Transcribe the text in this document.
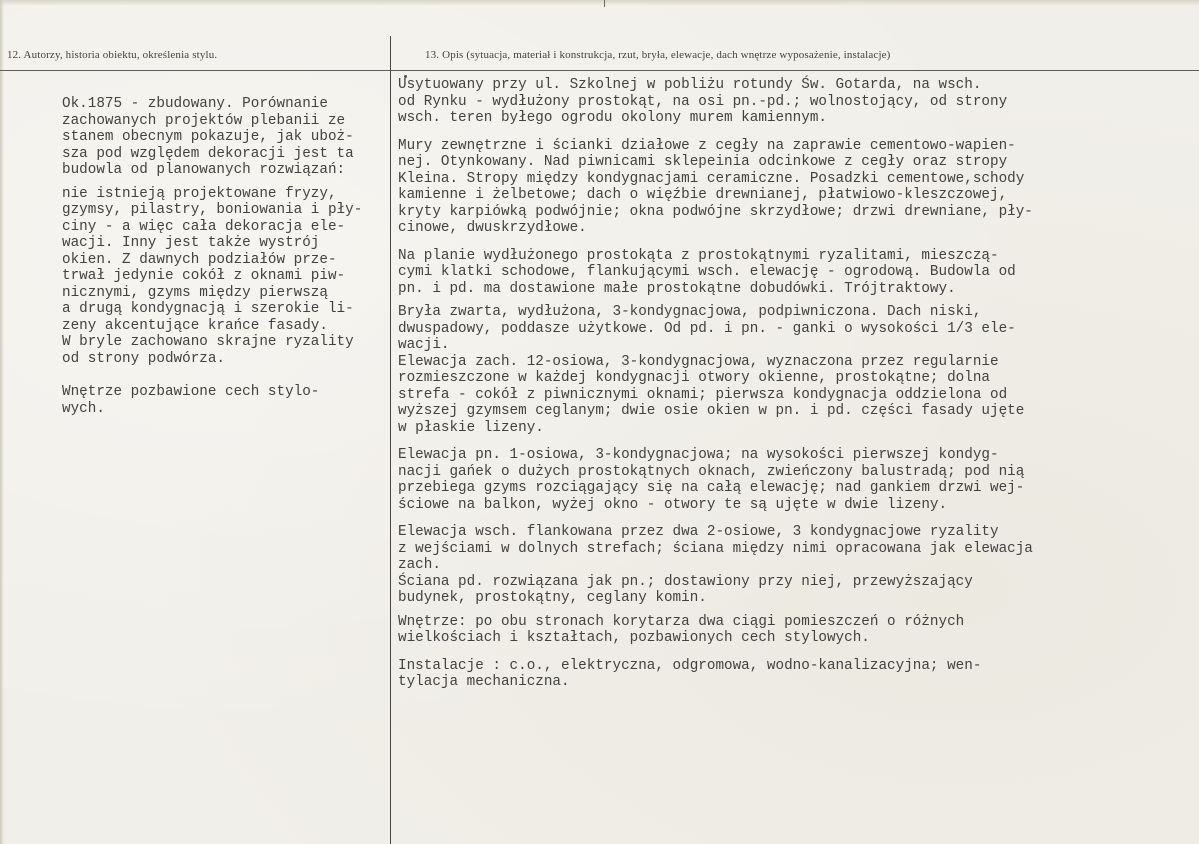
12. Autorzy, historia obiektu, określenia stylu.	13. Opis (sytuacja, materiał i konstrukcja, rzut, bryła, elewacje, dach wnętrze wyposażenie, instalacje)

Ok.1875 - zbudowany. Porównanie
zachowanych projektów plebanii ze
stanem obecnym pokazuje, jak uboż-
sza pod względem dekoracji jest ta
budowla od planowanych rozwiązań:

nie istnieją projektowane fryzy,
gzymsy, pilastry, boniowania i pły-
ciny - a więc cała dekoracja ele-
wacji. Inny jest także wystrój
okien. Z dawnych podziałów prze-
trwał jedynie cokół z oknami piw-
nicznymi, gzyms między pierwszą
a drugą kondygnacją i szerokie li-
zeny akcentujące krańce fasady.
W bryle zachowano skrajne ryzality
od strony podwórza.

Wnętrze pozbawione cech stylo-
wych.

Usytuowany przy ul. Szkolnej w pobliżu rotundy Św. Gotarda, na wsch.
od Rynku - wydłużony prostokąt, na osi pn.-pd.; wolnostojący, od strony
wsch. teren byłego ogrodu okolony murem kamiennym.

Mury zewnętrzne i ścianki działowe z cegły na zaprawie cementowo-wapien-
nej. Otynkowany. Nad piwnicami sklepeinia odcinkowe z cegły oraz stropy
Kleina. Stropy między kondygnacjami ceramiczne. Posadzki cementowe,schody
kamienne i żelbetowe; dach o więźbie drewnianej, płatwiowo-kleszczowej,
kryty karpiówką podwójnie; okna podwójne skrzydłowe; drzwi drewniane, pły-
cinowe, dwuskrzydłowe.

Na planie wydłużonego prostokąta z prostokątnymi ryzalitami, mieszczą-
cymi klatki schodowe, flankującymi wsch. elewację - ogrodową. Budowla od
pn. i pd. ma dostawione małe prostokątne dobudówki. Trójtraktowy.

Bryła zwarta, wydłużona, 3-kondygnacjowa, podpiwniczona. Dach niski,
dwuspadowy, poddasze użytkowe. Od pd. i pn. - ganki o wysokości 1/3 ele-
wacji.

Elewacja zach. 12-osiowa, 3-kondygnacjowa, wyznaczona przez regularnie
rozmieszczone w każdej kondygnacji otwory okienne, prostokątne; dolna
strefa - cokół z piwnicznymi oknami; pierwsza kondygnacja oddzielona od
wyższej gzymsem ceglanym; dwie osie okien w pn. i pd. części fasady ujęte
w płaskie lizeny.

Elewacja pn. 1-osiowa, 3-kondygnacjowa; na wysokości pierwszej kondyg-
nacji gańek o dużych prostokątnych oknach, zwieńczony balustradą; pod nią
przebiega gzyms rozciągający się na całą elewację; nad gankiem drzwi wej-
ściowe na balkon, wyżej okno - otwory te są ujęte w dwie lizeny.

Elewacja wsch. flankowana przez dwa 2-osiowe, 3 kondygnacjowe ryzality
z wejściami w dolnych strefach; ściana między nimi opracowana jak elewacja
zach.

Ściana pd. rozwiązana jak pn.; dostawiony przy niej, przewyższający
budynek, prostokątny, ceglany komin.

Wnętrze: po obu stronach korytarza dwa ciągi pomieszczeń o różnych
wielkościach i kształtach, pozbawionych cech stylowych.

Instalacje : c.o., elektryczna, odgromowa, wodno-kanalizacyjna; wen-
tylacja mechaniczna.
